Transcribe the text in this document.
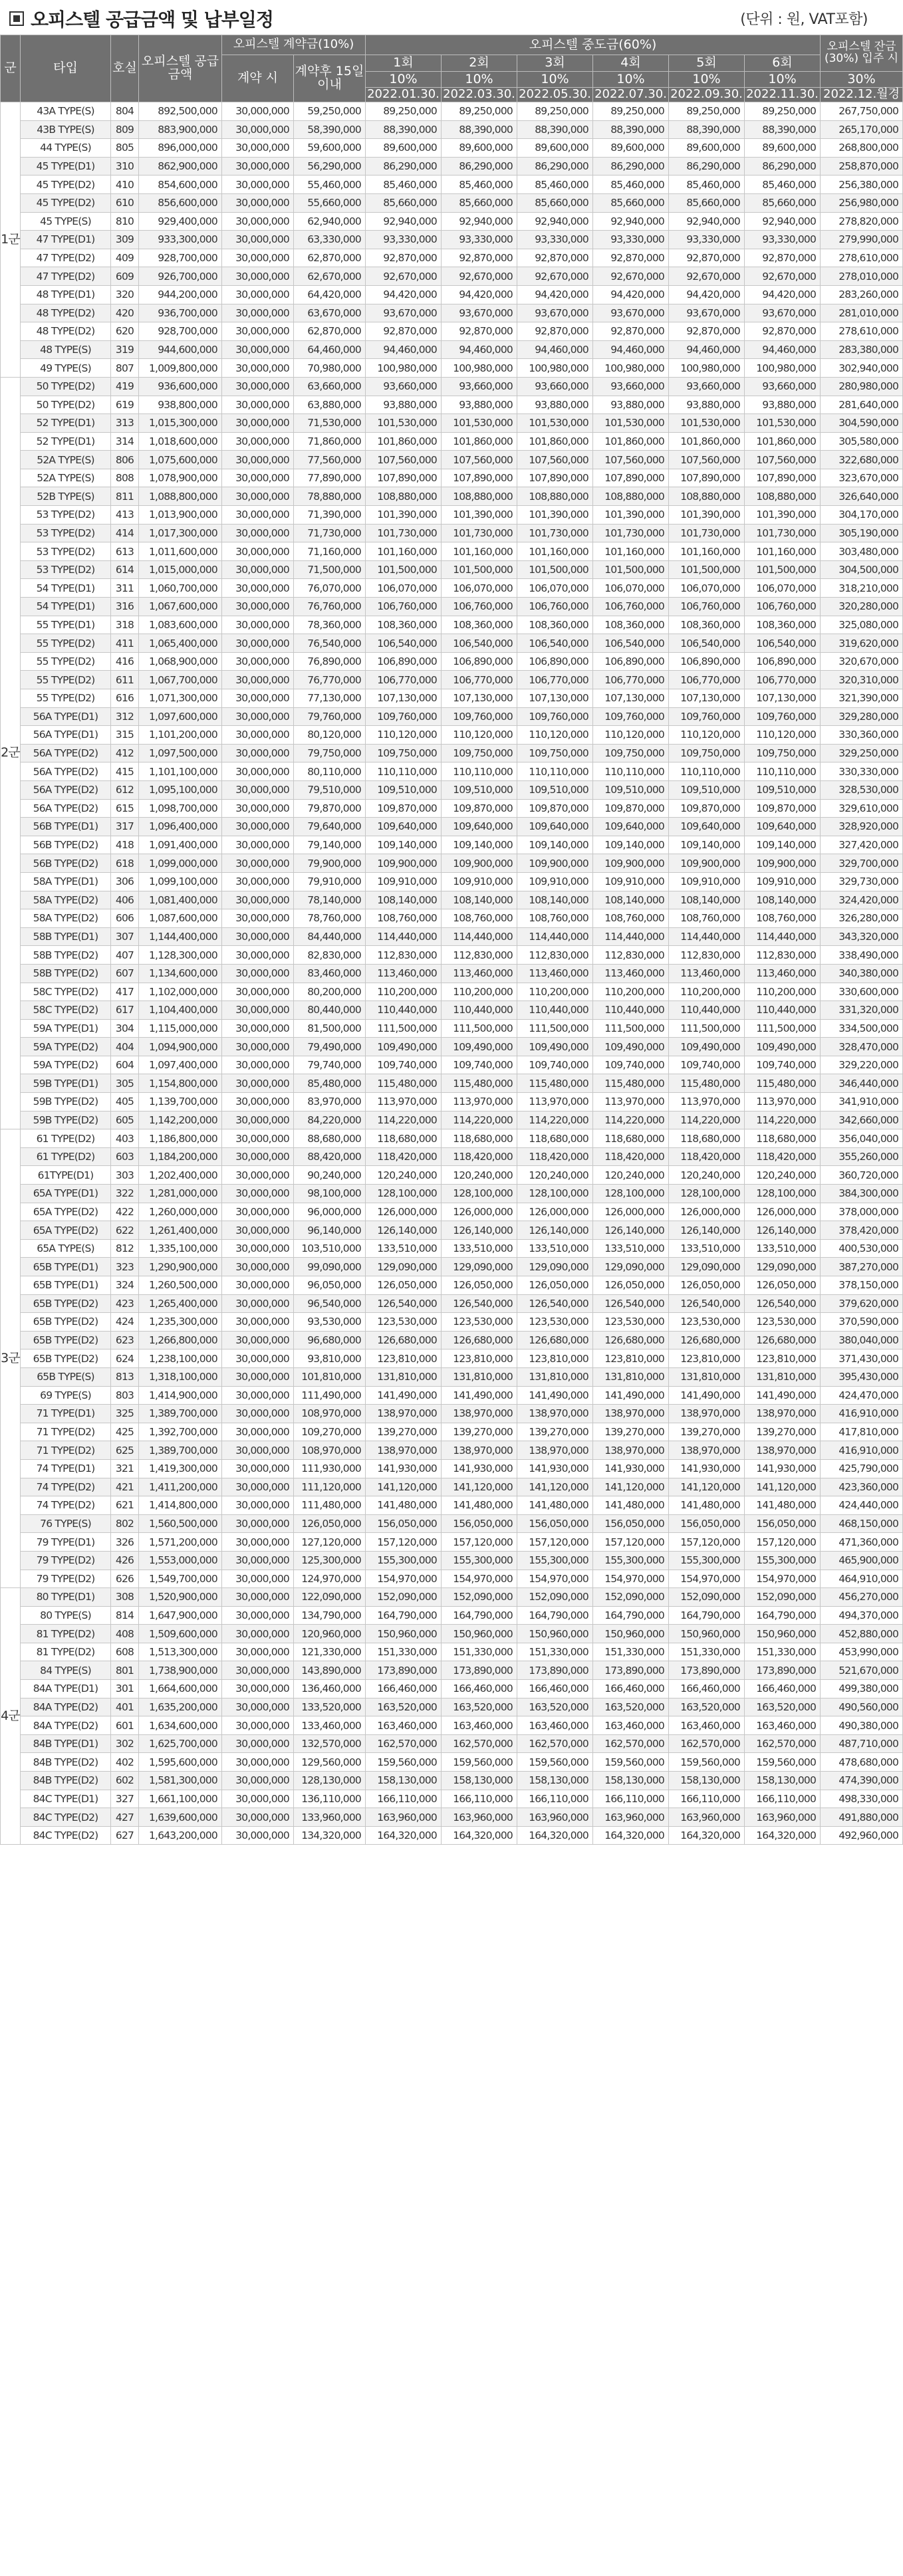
오피스텔 공급금액 및 납부일정	(단위 : 원, VAT포함)
군	타입	호실	오피스텔 공급금액	오피스텔 계약금(10%)		오피스텔 중도금(60%)						오피스텔 잔금(30%) 입주 시
				계약 시	계약후 15일이내	1회	2회	3회	4회	5회	6회	
						10%	10%	10%	10%	10%	10%	30%
						2022.01.30.	2022.03.30.	2022.05.30.	2022.07.30.	2022.09.30.	2022.11.30.	2022.12.월경
1군	43A TYPE(S)	804	892,500,000	30,000,000	59,250,000	89,250,000	89,250,000	89,250,000	89,250,000	89,250,000	89,250,000	267,750,000
	43B TYPE(S)	809	883,900,000	30,000,000	58,390,000	88,390,000	88,390,000	88,390,000	88,390,000	88,390,000	88,390,000	265,170,000
	44 TYPE(S)	805	896,000,000	30,000,000	59,600,000	89,600,000	89,600,000	89,600,000	89,600,000	89,600,000	89,600,000	268,800,000
	45 TYPE(D1)	310	862,900,000	30,000,000	56,290,000	86,290,000	86,290,000	86,290,000	86,290,000	86,290,000	86,290,000	258,870,000
	45 TYPE(D2)	410	854,600,000	30,000,000	55,460,000	85,460,000	85,460,000	85,460,000	85,460,000	85,460,000	85,460,000	256,380,000
	45 TYPE(D2)	610	856,600,000	30,000,000	55,660,000	85,660,000	85,660,000	85,660,000	85,660,000	85,660,000	85,660,000	256,980,000
	45 TYPE(S)	810	929,400,000	30,000,000	62,940,000	92,940,000	92,940,000	92,940,000	92,940,000	92,940,000	92,940,000	278,820,000
	47 TYPE(D1)	309	933,300,000	30,000,000	63,330,000	93,330,000	93,330,000	93,330,000	93,330,000	93,330,000	93,330,000	279,990,000
	47 TYPE(D2)	409	928,700,000	30,000,000	62,870,000	92,870,000	92,870,000	92,870,000	92,870,000	92,870,000	92,870,000	278,610,000
	47 TYPE(D2)	609	926,700,000	30,000,000	62,670,000	92,670,000	92,670,000	92,670,000	92,670,000	92,670,000	92,670,000	278,010,000
	48 TYPE(D1)	320	944,200,000	30,000,000	64,420,000	94,420,000	94,420,000	94,420,000	94,420,000	94,420,000	94,420,000	283,260,000
	48 TYPE(D2)	420	936,700,000	30,000,000	63,670,000	93,670,000	93,670,000	93,670,000	93,670,000	93,670,000	93,670,000	281,010,000
	48 TYPE(D2)	620	928,700,000	30,000,000	62,870,000	92,870,000	92,870,000	92,870,000	92,870,000	92,870,000	92,870,000	278,610,000
	48 TYPE(S)	319	944,600,000	30,000,000	64,460,000	94,460,000	94,460,000	94,460,000	94,460,000	94,460,000	94,460,000	283,380,000
	49 TYPE(S)	807	1,009,800,000	30,000,000	70,980,000	100,980,000	100,980,000	100,980,000	100,980,000	100,980,000	100,980,000	302,940,000
2군	50 TYPE(D2)	419	936,600,000	30,000,000	63,660,000	93,660,000	93,660,000	93,660,000	93,660,000	93,660,000	93,660,000	280,980,000
	50 TYPE(D2)	619	938,800,000	30,000,000	63,880,000	93,880,000	93,880,000	93,880,000	93,880,000	93,880,000	93,880,000	281,640,000
	52 TYPE(D1)	313	1,015,300,000	30,000,000	71,530,000	101,530,000	101,530,000	101,530,000	101,530,000	101,530,000	101,530,000	304,590,000
	52 TYPE(D1)	314	1,018,600,000	30,000,000	71,860,000	101,860,000	101,860,000	101,860,000	101,860,000	101,860,000	101,860,000	305,580,000
	52A TYPE(S)	806	1,075,600,000	30,000,000	77,560,000	107,560,000	107,560,000	107,560,000	107,560,000	107,560,000	107,560,000	322,680,000
	52A TYPE(S)	808	1,078,900,000	30,000,000	77,890,000	107,890,000	107,890,000	107,890,000	107,890,000	107,890,000	107,890,000	323,670,000
	52B TYPE(S)	811	1,088,800,000	30,000,000	78,880,000	108,880,000	108,880,000	108,880,000	108,880,000	108,880,000	108,880,000	326,640,000
	53 TYPE(D2)	413	1,013,900,000	30,000,000	71,390,000	101,390,000	101,390,000	101,390,000	101,390,000	101,390,000	101,390,000	304,170,000
	53 TYPE(D2)	414	1,017,300,000	30,000,000	71,730,000	101,730,000	101,730,000	101,730,000	101,730,000	101,730,000	101,730,000	305,190,000
	53 TYPE(D2)	613	1,011,600,000	30,000,000	71,160,000	101,160,000	101,160,000	101,160,000	101,160,000	101,160,000	101,160,000	303,480,000
	53 TYPE(D2)	614	1,015,000,000	30,000,000	71,500,000	101,500,000	101,500,000	101,500,000	101,500,000	101,500,000	101,500,000	304,500,000
	54 TYPE(D1)	311	1,060,700,000	30,000,000	76,070,000	106,070,000	106,070,000	106,070,000	106,070,000	106,070,000	106,070,000	318,210,000
	54 TYPE(D1)	316	1,067,600,000	30,000,000	76,760,000	106,760,000	106,760,000	106,760,000	106,760,000	106,760,000	106,760,000	320,280,000
	55 TYPE(D1)	318	1,083,600,000	30,000,000	78,360,000	108,360,000	108,360,000	108,360,000	108,360,000	108,360,000	108,360,000	325,080,000
	55 TYPE(D2)	411	1,065,400,000	30,000,000	76,540,000	106,540,000	106,540,000	106,540,000	106,540,000	106,540,000	106,540,000	319,620,000
	55 TYPE(D2)	416	1,068,900,000	30,000,000	76,890,000	106,890,000	106,890,000	106,890,000	106,890,000	106,890,000	106,890,000	320,670,000
	55 TYPE(D2)	611	1,067,700,000	30,000,000	76,770,000	106,770,000	106,770,000	106,770,000	106,770,000	106,770,000	106,770,000	320,310,000
	55 TYPE(D2)	616	1,071,300,000	30,000,000	77,130,000	107,130,000	107,130,000	107,130,000	107,130,000	107,130,000	107,130,000	321,390,000
	56A TYPE(D1)	312	1,097,600,000	30,000,000	79,760,000	109,760,000	109,760,000	109,760,000	109,760,000	109,760,000	109,760,000	329,280,000
	56A TYPE(D1)	315	1,101,200,000	30,000,000	80,120,000	110,120,000	110,120,000	110,120,000	110,120,000	110,120,000	110,120,000	330,360,000
	56A TYPE(D2)	412	1,097,500,000	30,000,000	79,750,000	109,750,000	109,750,000	109,750,000	109,750,000	109,750,000	109,750,000	329,250,000
	56A TYPE(D2)	415	1,101,100,000	30,000,000	80,110,000	110,110,000	110,110,000	110,110,000	110,110,000	110,110,000	110,110,000	330,330,000
	56A TYPE(D2)	612	1,095,100,000	30,000,000	79,510,000	109,510,000	109,510,000	109,510,000	109,510,000	109,510,000	109,510,000	328,530,000
	56A TYPE(D2)	615	1,098,700,000	30,000,000	79,870,000	109,870,000	109,870,000	109,870,000	109,870,000	109,870,000	109,870,000	329,610,000
	56B TYPE(D1)	317	1,096,400,000	30,000,000	79,640,000	109,640,000	109,640,000	109,640,000	109,640,000	109,640,000	109,640,000	328,920,000
	56B TYPE(D2)	418	1,091,400,000	30,000,000	79,140,000	109,140,000	109,140,000	109,140,000	109,140,000	109,140,000	109,140,000	327,420,000
	56B TYPE(D2)	618	1,099,000,000	30,000,000	79,900,000	109,900,000	109,900,000	109,900,000	109,900,000	109,900,000	109,900,000	329,700,000
	58A TYPE(D1)	306	1,099,100,000	30,000,000	79,910,000	109,910,000	109,910,000	109,910,000	109,910,000	109,910,000	109,910,000	329,730,000
	58A TYPE(D2)	406	1,081,400,000	30,000,000	78,140,000	108,140,000	108,140,000	108,140,000	108,140,000	108,140,000	108,140,000	324,420,000
	58A TYPE(D2)	606	1,087,600,000	30,000,000	78,760,000	108,760,000	108,760,000	108,760,000	108,760,000	108,760,000	108,760,000	326,280,000
	58B TYPE(D1)	307	1,144,400,000	30,000,000	84,440,000	114,440,000	114,440,000	114,440,000	114,440,000	114,440,000	114,440,000	343,320,000
	58B TYPE(D2)	407	1,128,300,000	30,000,000	82,830,000	112,830,000	112,830,000	112,830,000	112,830,000	112,830,000	112,830,000	338,490,000
	58B TYPE(D2)	607	1,134,600,000	30,000,000	83,460,000	113,460,000	113,460,000	113,460,000	113,460,000	113,460,000	113,460,000	340,380,000
	58C TYPE(D2)	417	1,102,000,000	30,000,000	80,200,000	110,200,000	110,200,000	110,200,000	110,200,000	110,200,000	110,200,000	330,600,000
	58C TYPE(D2)	617	1,104,400,000	30,000,000	80,440,000	110,440,000	110,440,000	110,440,000	110,440,000	110,440,000	110,440,000	331,320,000
	59A TYPE(D1)	304	1,115,000,000	30,000,000	81,500,000	111,500,000	111,500,000	111,500,000	111,500,000	111,500,000	111,500,000	334,500,000
	59A TYPE(D2)	404	1,094,900,000	30,000,000	79,490,000	109,490,000	109,490,000	109,490,000	109,490,000	109,490,000	109,490,000	328,470,000
	59A TYPE(D2)	604	1,097,400,000	30,000,000	79,740,000	109,740,000	109,740,000	109,740,000	109,740,000	109,740,000	109,740,000	329,220,000
	59B TYPE(D1)	305	1,154,800,000	30,000,000	85,480,000	115,480,000	115,480,000	115,480,000	115,480,000	115,480,000	115,480,000	346,440,000
	59B TYPE(D2)	405	1,139,700,000	30,000,000	83,970,000	113,970,000	113,970,000	113,970,000	113,970,000	113,970,000	113,970,000	341,910,000
	59B TYPE(D2)	605	1,142,200,000	30,000,000	84,220,000	114,220,000	114,220,000	114,220,000	114,220,000	114,220,000	114,220,000	342,660,000
3군	61 TYPE(D2)	403	1,186,800,000	30,000,000	88,680,000	118,680,000	118,680,000	118,680,000	118,680,000	118,680,000	118,680,000	356,040,000
	61 TYPE(D2)	603	1,184,200,000	30,000,000	88,420,000	118,420,000	118,420,000	118,420,000	118,420,000	118,420,000	118,420,000	355,260,000
	61TYPE(D1)	303	1,202,400,000	30,000,000	90,240,000	120,240,000	120,240,000	120,240,000	120,240,000	120,240,000	120,240,000	360,720,000
	65A TYPE(D1)	322	1,281,000,000	30,000,000	98,100,000	128,100,000	128,100,000	128,100,000	128,100,000	128,100,000	128,100,000	384,300,000
	65A TYPE(D2)	422	1,260,000,000	30,000,000	96,000,000	126,000,000	126,000,000	126,000,000	126,000,000	126,000,000	126,000,000	378,000,000
	65A TYPE(D2)	622	1,261,400,000	30,000,000	96,140,000	126,140,000	126,140,000	126,140,000	126,140,000	126,140,000	126,140,000	378,420,000
	65A TYPE(S)	812	1,335,100,000	30,000,000	103,510,000	133,510,000	133,510,000	133,510,000	133,510,000	133,510,000	133,510,000	400,530,000
	65B TYPE(D1)	323	1,290,900,000	30,000,000	99,090,000	129,090,000	129,090,000	129,090,000	129,090,000	129,090,000	129,090,000	387,270,000
	65B TYPE(D1)	324	1,260,500,000	30,000,000	96,050,000	126,050,000	126,050,000	126,050,000	126,050,000	126,050,000	126,050,000	378,150,000
	65B TYPE(D2)	423	1,265,400,000	30,000,000	96,540,000	126,540,000	126,540,000	126,540,000	126,540,000	126,540,000	126,540,000	379,620,000
	65B TYPE(D2)	424	1,235,300,000	30,000,000	93,530,000	123,530,000	123,530,000	123,530,000	123,530,000	123,530,000	123,530,000	370,590,000
	65B TYPE(D2)	623	1,266,800,000	30,000,000	96,680,000	126,680,000	126,680,000	126,680,000	126,680,000	126,680,000	126,680,000	380,040,000
	65B TYPE(D2)	624	1,238,100,000	30,000,000	93,810,000	123,810,000	123,810,000	123,810,000	123,810,000	123,810,000	123,810,000	371,430,000
	65B TYPE(S)	813	1,318,100,000	30,000,000	101,810,000	131,810,000	131,810,000	131,810,000	131,810,000	131,810,000	131,810,000	395,430,000
	69 TYPE(S)	803	1,414,900,000	30,000,000	111,490,000	141,490,000	141,490,000	141,490,000	141,490,000	141,490,000	141,490,000	424,470,000
	71 TYPE(D1)	325	1,389,700,000	30,000,000	108,970,000	138,970,000	138,970,000	138,970,000	138,970,000	138,970,000	138,970,000	416,910,000
	71 TYPE(D2)	425	1,392,700,000	30,000,000	109,270,000	139,270,000	139,270,000	139,270,000	139,270,000	139,270,000	139,270,000	417,810,000
	71 TYPE(D2)	625	1,389,700,000	30,000,000	108,970,000	138,970,000	138,970,000	138,970,000	138,970,000	138,970,000	138,970,000	416,910,000
	74 TYPE(D1)	321	1,419,300,000	30,000,000	111,930,000	141,930,000	141,930,000	141,930,000	141,930,000	141,930,000	141,930,000	425,790,000
	74 TYPE(D2)	421	1,411,200,000	30,000,000	111,120,000	141,120,000	141,120,000	141,120,000	141,120,000	141,120,000	141,120,000	423,360,000
	74 TYPE(D2)	621	1,414,800,000	30,000,000	111,480,000	141,480,000	141,480,000	141,480,000	141,480,000	141,480,000	141,480,000	424,440,000
	76 TYPE(S)	802	1,560,500,000	30,000,000	126,050,000	156,050,000	156,050,000	156,050,000	156,050,000	156,050,000	156,050,000	468,150,000
	79 TYPE(D1)	326	1,571,200,000	30,000,000	127,120,000	157,120,000	157,120,000	157,120,000	157,120,000	157,120,000	157,120,000	471,360,000
	79 TYPE(D2)	426	1,553,000,000	30,000,000	125,300,000	155,300,000	155,300,000	155,300,000	155,300,000	155,300,000	155,300,000	465,900,000
	79 TYPE(D2)	626	1,549,700,000	30,000,000	124,970,000	154,970,000	154,970,000	154,970,000	154,970,000	154,970,000	154,970,000	464,910,000
4군	80 TYPE(D1)	308	1,520,900,000	30,000,000	122,090,000	152,090,000	152,090,000	152,090,000	152,090,000	152,090,000	152,090,000	456,270,000
	80 TYPE(S)	814	1,647,900,000	30,000,000	134,790,000	164,790,000	164,790,000	164,790,000	164,790,000	164,790,000	164,790,000	494,370,000
	81 TYPE(D2)	408	1,509,600,000	30,000,000	120,960,000	150,960,000	150,960,000	150,960,000	150,960,000	150,960,000	150,960,000	452,880,000
	81 TYPE(D2)	608	1,513,300,000	30,000,000	121,330,000	151,330,000	151,330,000	151,330,000	151,330,000	151,330,000	151,330,000	453,990,000
	84 TYPE(S)	801	1,738,900,000	30,000,000	143,890,000	173,890,000	173,890,000	173,890,000	173,890,000	173,890,000	173,890,000	521,670,000
	84A TYPE(D1)	301	1,664,600,000	30,000,000	136,460,000	166,460,000	166,460,000	166,460,000	166,460,000	166,460,000	166,460,000	499,380,000
	84A TYPE(D2)	401	1,635,200,000	30,000,000	133,520,000	163,520,000	163,520,000	163,520,000	163,520,000	163,520,000	163,520,000	490,560,000
	84A TYPE(D2)	601	1,634,600,000	30,000,000	133,460,000	163,460,000	163,460,000	163,460,000	163,460,000	163,460,000	163,460,000	490,380,000
	84B TYPE(D1)	302	1,625,700,000	30,000,000	132,570,000	162,570,000	162,570,000	162,570,000	162,570,000	162,570,000	162,570,000	487,710,000
	84B TYPE(D2)	402	1,595,600,000	30,000,000	129,560,000	159,560,000	159,560,000	159,560,000	159,560,000	159,560,000	159,560,000	478,680,000
	84B TYPE(D2)	602	1,581,300,000	30,000,000	128,130,000	158,130,000	158,130,000	158,130,000	158,130,000	158,130,000	158,130,000	474,390,000
	84C TYPE(D1)	327	1,661,100,000	30,000,000	136,110,000	166,110,000	166,110,000	166,110,000	166,110,000	166,110,000	166,110,000	498,330,000
	84C TYPE(D2)	427	1,639,600,000	30,000,000	133,960,000	163,960,000	163,960,000	163,960,000	163,960,000	163,960,000	163,960,000	491,880,000
	84C TYPE(D2)	627	1,643,200,000	30,000,000	134,320,000	164,320,000	164,320,000	164,320,000	164,320,000	164,320,000	164,320,000	492,960,000
